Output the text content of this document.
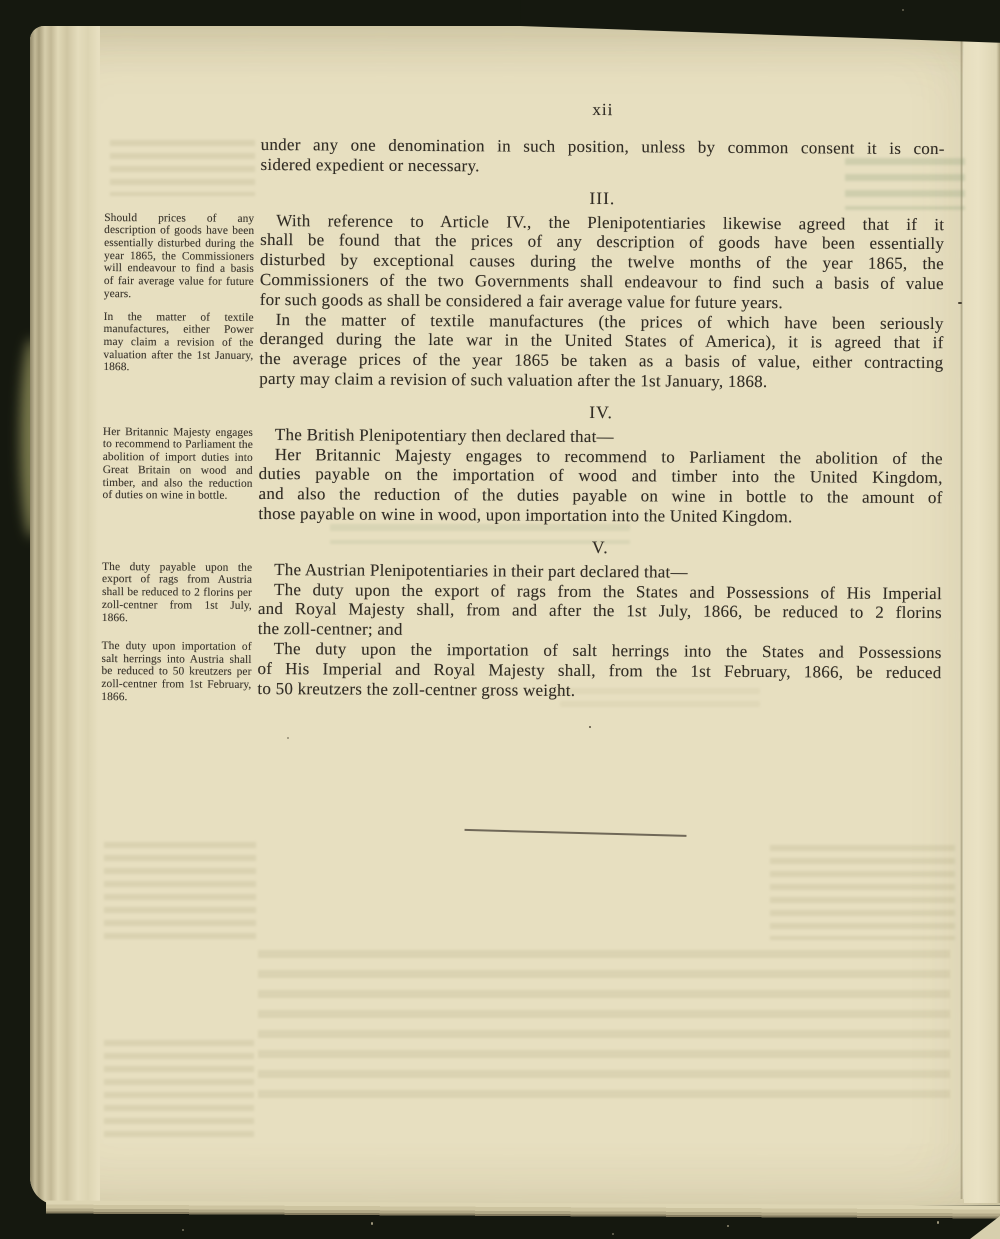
xii
under any one denomination in such position, unless by common consent it is con-
sidered expedient or necessary.
III.
Should prices of any description of goods have been essentially disturbed during the year 1865, the Commissioners will endeavour to find a basis of fair average value for future years.
With reference to Article IV., the Plenipotentiaries likewise agreed that if it
shall be found that the prices of any description of goods have been essentially
disturbed by exceptional causes during the twelve months of the year 1865, the
Commissioners of the two Governments shall endeavour to find such a basis of value
for such goods as shall be considered a fair average value for future years.
In the matter of textile manufactures, either Power may claim a revision of the valuation after the 1st January, 1868.
In the matter of textile manufactures (the prices of which have been seriously
deranged during the late war in the United States of America), it is agreed that if
the average prices of the year 1865 be taken as a basis of value, either contracting
party may claim a revision of such valuation after the 1st January, 1868.
IV.
Her Britannic Majesty engages to recommend to Parliament the abolition of import duties into Great Britain on wood and timber, and also the reduction of duties on wine in bottle.
The British Plenipotentiary then declared that—
Her Britannic Majesty engages to recommend to Parliament the abolition of the
duties payable on the importation of wood and timber into the United Kingdom,
and also the reduction of the duties payable on wine in bottle to the amount of
those payable on wine in wood, upon importation into the United Kingdom.
V.
The duty payable upon the export of rags from Austria shall be reduced to 2 florins per zoll-centner from 1st July, 1866.
The Austrian Plenipotentiaries in their part declared that—
The duty upon the export of rags from the States and Possessions of His Imperial
and Royal Majesty shall, from and after the 1st July, 1866, be reduced to 2 florins
the zoll-centner; and
The duty upon importation of salt herrings into Austria shall be reduced to 50 kreutzers per zoll-centner from 1st February, 1866.
The duty upon the importation of salt herrings into the States and Possessions
of His Imperial and Royal Majesty shall, from the 1st February, 1866, be reduced
to 50 kreutzers the zoll-centner gross weight.
